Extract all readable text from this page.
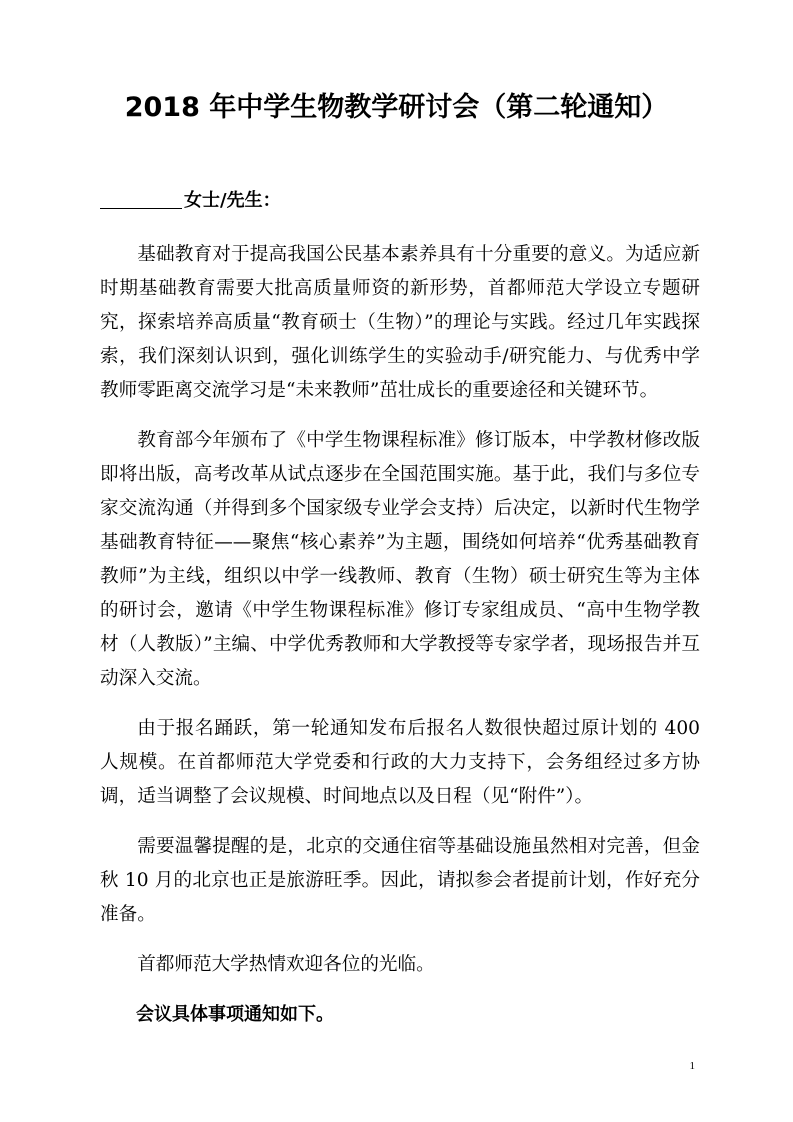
2018 年中学生物教学研讨会（第二轮通知）
女士/先生：

基础教育对于提高我国公民基本素养具有十分重要的意义。为适应新时期基础教育需要大批高质量师资的新形势，首都师范大学设立专题研究，探索培养高质量“教育硕士（生物）”的理论与实践。经过几年实践探索，我们深刻认识到，强化训练学生的实验动手/研究能力、与优秀中学教师零距离交流学习是“未来教师”茁壮成长的重要途径和关键环节。

教育部今年颁布了《中学生物课程标准》修订版本，中学教材修改版即将出版，高考改革从试点逐步在全国范围实施。基于此，我们与多位专家交流沟通（并得到多个国家级专业学会支持）后决定，以新时代生物学基础教育特征——聚焦“核心素养”为主题，围绕如何培养“优秀基础教育教师”为主线，组织以中学一线教师、教育（生物）硕士研究生等为主体的研讨会，邀请《中学生物课程标准》修订专家组成员、“高中生物学教材（人教版）”主编、中学优秀教师和大学教授等专家学者，现场报告并互动深入交流。

由于报名踊跃，第一轮通知发布后报名人数很快超过原计划的 400 人规模。在首都师范大学党委和行政的大力支持下，会务组经过多方协调，适当调整了会议规模、时间地点以及日程（见“附件”）。

需要温馨提醒的是，北京的交通住宿等基础设施虽然相对完善，但金秋 10 月的北京也正是旅游旺季。因此，请拟参会者提前计划，作好充分准备。

首都师范大学热情欢迎各位的光临。

会议具体事项通知如下。

1
